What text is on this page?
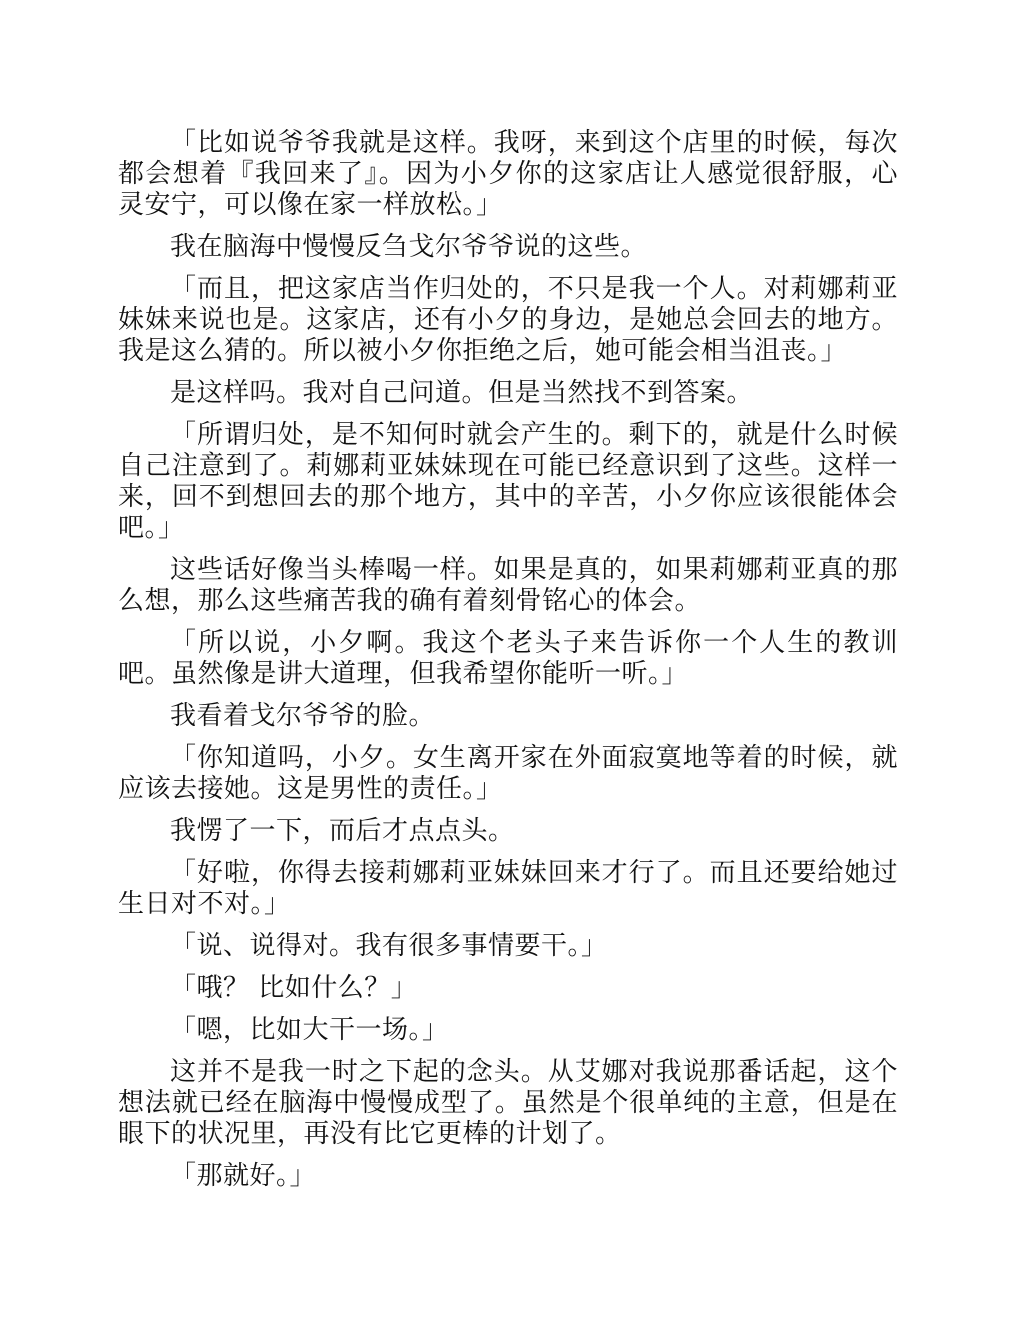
「比如说爷爷我就是这样。我呀，来到这个店里的时候，每次都会想着『我回来了』。因为小夕你的这家店让人感觉很舒服，心灵安宁，可以像在家一样放松。」

我在脑海中慢慢反刍戈尔爷爷说的这些。

「而且，把这家店当作归处的，不只是我一个人。对莉娜莉亚妹妹来说也是。这家店，还有小夕的身边，是她总会回去的地方。我是这么猜的。所以被小夕你拒绝之后，她可能会相当沮丧。」

是这样吗。我对自己问道。但是当然找不到答案。

「所谓归处，是不知何时就会产生的。剩下的，就是什么时候自己注意到了。莉娜莉亚妹妹现在可能已经意识到了这些。这样一来，回不到想回去的那个地方，其中的辛苦，小夕你应该很能体会吧。」

这些话好像当头棒喝一样。如果是真的，如果莉娜莉亚真的那么想，那么这些痛苦我的确有着刻骨铭心的体会。

「所以说，小夕啊。我这个老头子来告诉你一个人生的教训吧。虽然像是讲大道理，但我希望你能听一听。」

我看着戈尔爷爷的脸。

「你知道吗，小夕。女生离开家在外面寂寞地等着的时候，就应该去接她。这是男性的责任。」

我愣了一下，而后才点点头。

「好啦，你得去接莉娜莉亚妹妹回来才行了。而且还要给她过生日对不对。」

「说、说得对。我有很多事情要干。」

「哦？ 比如什么？」

「嗯，比如大干一场。」

这并不是我一时之下起的念头。从艾娜对我说那番话起，这个想法就已经在脑海中慢慢成型了。虽然是个很单纯的主意，但是在眼下的状况里，再没有比它更棒的计划了。

「那就好。」
